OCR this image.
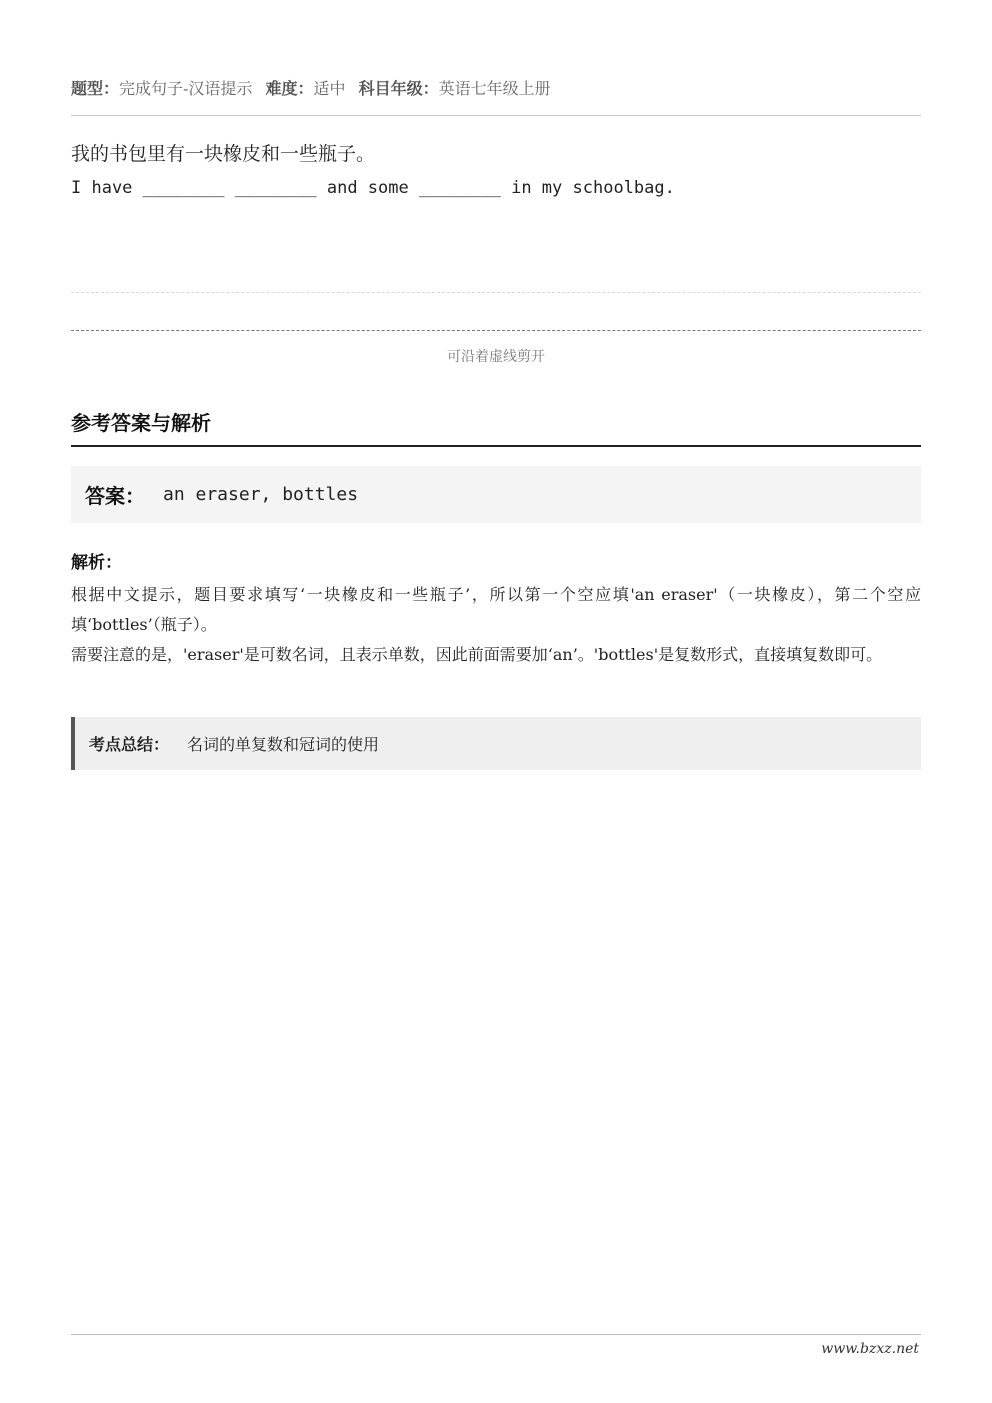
题型：完成句子-汉语提示 难度：适中 科目年级：英语七年级上册
我的书包里有一块橡皮和一些瓶子。
I have ________ ________ and some ________ in my schoolbag.
可沿着虚线剪开
参考答案与解析
答案： an eraser, bottles
解析：

根据中文提示，题目要求填写‘一块橡皮和一些瓶子’，所以第一个空应填'an eraser'（一块橡皮），第二个空应填‘bottles’（瓶子）。

需要注意的是，'eraser'是可数名词，且表示单数，因此前面需要加‘an’。'bottles'是复数形式，直接填复数即可。

考点总结： 名词的单复数和冠词的使用
www.bzxz.net
